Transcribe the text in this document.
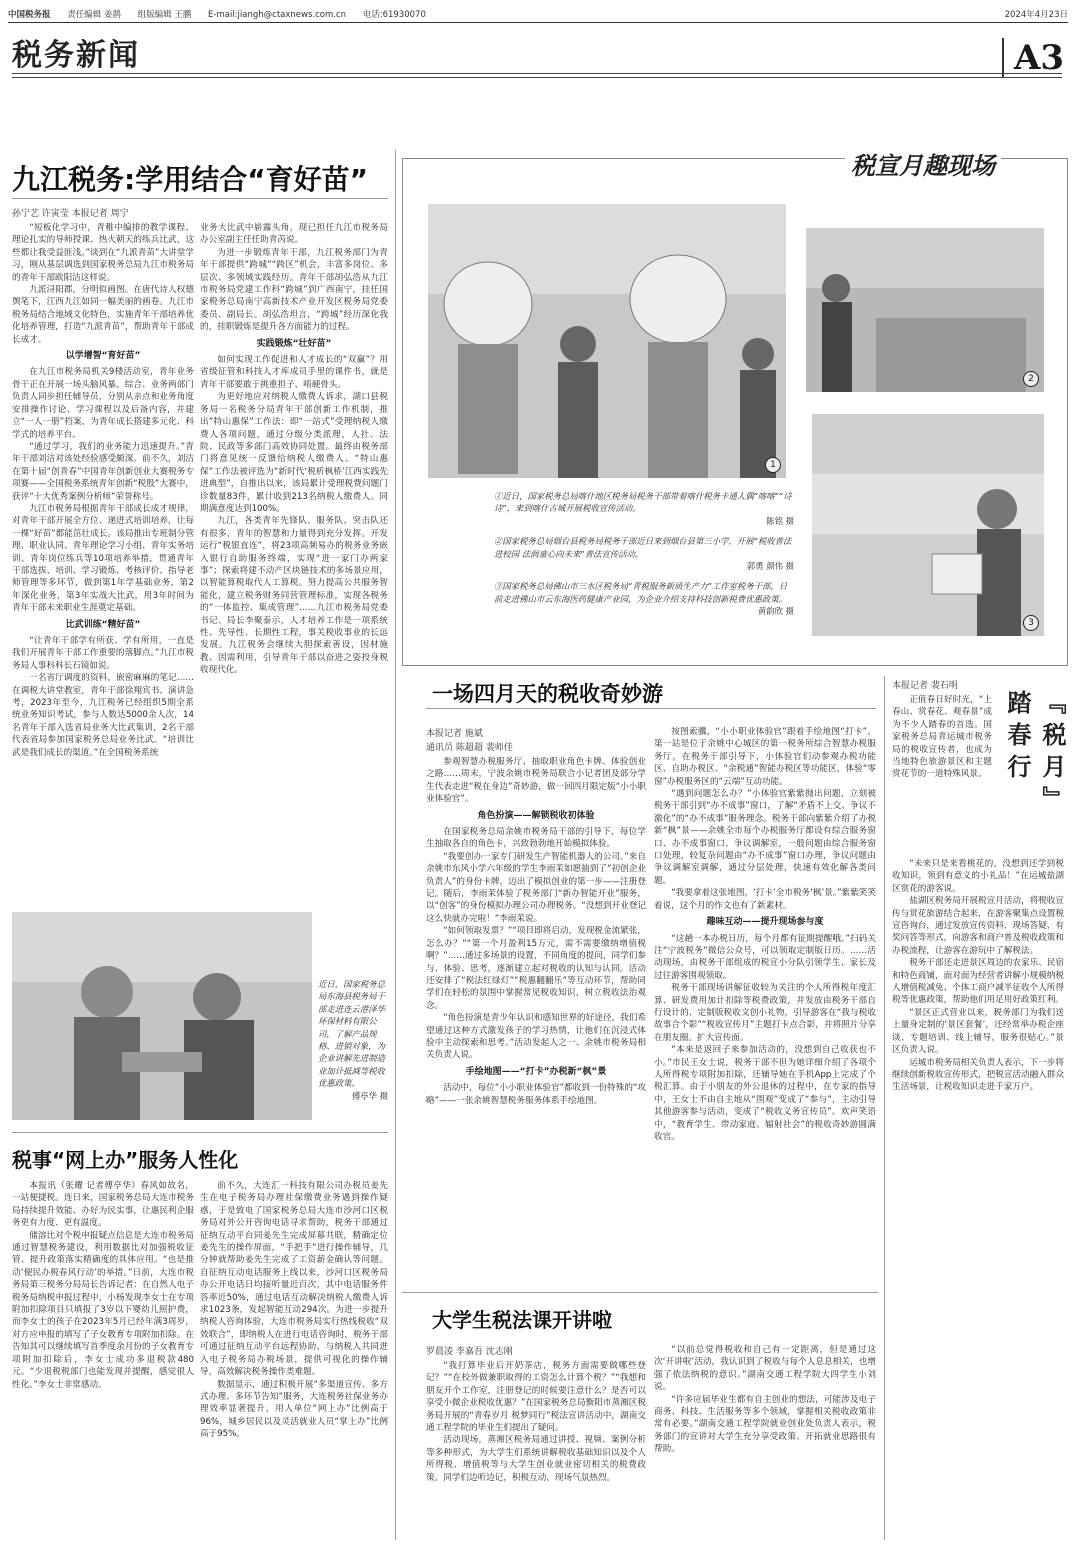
中国税务报 责任编辑 姜鹊 组版编辑 王鹏 E-mail:jiangh@ctaxnews.com.cn 电话:61930070	2024年4月23日
税务新闻	A3
九江税务:学用结合“育好苗”
孙宁艺 许寅莹 本报记者 周宁

“短板化学习中，青稚中编排的教学课程、理论扎实的导师授课、热火朝天的练兵比武，这些都让我受益匪浅。”谈到在“九派青苗”大讲堂学习，刚从基层调选到国家税务总局九江市税务局的青年干部欧阳洁这样说。

九派浔阳郡，分明似画图。在唐代诗人权德舆笔下，江西九江如同一幅美丽的画卷。九江市税务局结合地域文化特色，实施青年干部培养优化培养管理，打造“九派青苗”，帮助青年干部成长成才。

以学增智“育好苗”

在九江市税务局机关9楼活动室，青年业务骨干正在开展一场头脑风暴。综合、业务两部门负责人同步担任辅导员，分别从亲点和业务角度安排操作讨论、学习课程以及后备内容，并建立“一人一册”档案，为青年成长搭建多元化、科学式的培养平台。

“通过学习，我们的业务能力迅速提升。”青年干部刘洁对该处经验感受颇深。前不久，刘洁在第十届“创青春”中国青年创新创业大赛税务专项赛——全国税务系统青年创新“税股”大赛中，获评“十大优秀案例分析师”荣誉称号。

九江市税务局根据青年干部成长成才规律，对青年干部开展全方位、递进式培训培养，让每一棵“好苗”都能茁壮成长。该局推出专班制分管理、职业认同、青年理论学习小组、青年实务培训、青年岗位练兵等10项培养举措，贯通青年干部选拔、培训、学习锻炼、考核评价、指导老师管理等多环节，做到第1年学基础业务，第2年深化业务，第3年实战大比武，用3年时间为青年干部未来职业生涯奠定基础。

比武训练“精好苗”

“让青年干部学有所获、学有所用，一直是我们开展青年干部工作重要的落脚点。”九江市税务局人事科科长石镜如说。

一名省厅调度的资料，嵌密麻麻的笔记……在调税大讲堂教室，青年干部徐翔宾书、演讲急考，2023年至今，九江税务已经组织5期全系统业务知识考试，参与人数达5000余人次，14名青年干部入选省局业务大比武集训，2名干部代表省局参加国家税务总局业务比武。“培训比武是我们成长的渠道。”在全国税务系统

业务大比武中崭露头角，现已担任九江市税务局办公室副主任任助青芮说。

为进一步锻炼青年干部，九江税务部门为青年干部提供“跨城”“跨区”机会，丰富多岗位、多层次、多领域实践经历。青年干部胡弘浩从九江市税务局党建工作科“跨城”到广西南宁，挂任国家税务总局南宁高新技术产业开发区税务局党委委员、副局长。胡弘浩坦言，“跨城”经历深化我的，挂职锻炼是提升各方面能力的过程。

实践锻炼“壮好苗”

如何实现工作促进和人才成长的“双赢”？用省级征管和科技人才库成员手里的课件书，就是青年干部要敢于挑重担子、啃硬骨头。

为更好地应对纳税人缴费人诉求，湖口县税务局一名税务分局青年干部创新工作机制，推出“特山惠保”工作法：即“一站式”受理纳税人缴费人各项问题，通过分级分类派理，人社、法院、民政等多部门高效协同处置。最终由税务部门将意见统一反馈给纳税人缴费人。“特山惠保”工作法被评选为“新时代‘税析枫桥’江西实践先进典型”，自推出以来，该局累计受理税费问题门诊数量83件，累计收到213名纳税人缴费人。同期满意度达到100%。

九江，各类青年先锋队、服务队、突击队还有很多，青年的智慧和力量得到充分发挥。开发运行“税银直连”，将23项高频易办的税务业务嵌入银行自助服务终端，实现“进一家门办两家事”；探索将建不动产区块链技术的多场景应用，以智能算税取代人工算税。努力提高公共服务智能化，建立税务财务同营管理标准，实现各税务的“一体监控、集成管理”……九江市税务局党委书记、局长李聚泰示，人才培养工作是一项系统性、先导性、长期性工程，事关税收事业的长远发展。九江税务会继续大胆探索善设，因材施教、因需利用，引导青年干部以奋进之姿投身税收现代化。

近日，国家税务总局东海县税务局干部走进连云港泽华环保材料有限公司，了解产品规格、进销对象，为企业讲解先进制造业加计抵减等税收优惠政策。
傅亭华 摄
税事“网上办”服务人性化

本报讯（张耀 记者傅亭华）春风如故名，一站便捷税。连日来，国家税务总局大连市税务局持续提升效能、办好为民实事，让惠民利企服务更有力度、更有温度。

储溶比对个税申报疑点信息是大连市税务局通过智慧税务建设，利用数据比对加强税收征管、提升政策落实精确度的具体应用。“也是推动‘便民办税春风行动’的举措。”日前，大连市税务局第三税务分局局长告诉记者：在自然人电子税务局纳税申报过程中，小杨发现李女士在专项附加扣除项目只填报了3岁以下婴幼儿照护费，而李女士的孩子在2023年5月已经年满3周岁，对方应申报的填写了子女教育专项附加扣除。在告知其可以继续填写首季度余月份的子女教育专项附加扣除后，李女士成功多退税款480元。“少退税税部门也能发现并提醒，感觉很人性化。”李女士非常感动。

前不久，大连汇一科技有限公司办税员姜先生在电子税务局办理社保缴费业务遇到操作疑惑，于是致电了国家税务总局大连市沙河口区税务局对外公开咨询电话寻求帮助，税务干部通过征纳互动平台同姜先生完成屏幕共联，精确定位姜先生的操作屏面，“手把手”进行操作辅导，几分钟就帮助姜先生完成了工资薪金确认等问题。自征纳互动电话服务上线以来，沙河口区税务局办公开电话日均接听量近百次，其中电话服务件答率近50%，通过电话互动解决纳税人缴费人诉求1023条，发起智能互动294次。为进一步提升纳税人咨询体验，大连市税务局实行热线税收“双效联合”，即纳税人在进行电话咨询时，税务干部可通过征纳互动平台远程协助，与纳税人共同进入电子税务局办税场景，提供可视化的操作辅导，高效解决税务操作类难题。

数据显示，通过积极开展“多渠道宣传、多方式办理、多环节告知”服务，大连税务社保业务办理效率显著提升，用人单位“网上办”比例高于96%，城乡居民以及灵活就业人员“掌上办”比例高于95%。

税宣月趣现场
1
2
3
①近日，国家税务总局喀什地区税务局税务干部带着喀什税务卡通人偶“喀喀”“诗诗”，来到喀什古城开展税收宣传活动。
陈铭 摄
②国家税务总局烟台县税务局税务干部近日来到烟台县第三小学，开展“税收普法进校园 法润童心向未来”普法宣传活动。
郭勇 颜伟 摄
③国家税务总局佛山市三水区税务局“青税服务新质生产力”工作室税务干部，日前走进佛山市云东海医药健康产业园，为企业介绍支持科技创新税费优惠政策。
黄韵欣 摄
一场四月天的税收奇妙游
本报记者 施斌
通讯员 陈超超 裴师佳

参观智慧办税服务厅、抽取职业角色卡牌、体验创业之路……周末，宁波余姚市税务局联合小记者团及部分学生代表走进“税在身边”奇妙游，做一回四月限定版“小小职业体验官”。

角色扮演——解锁税收初体验

在国家税务总局余姚市税务局干部的引导下，每位学生抽取各自的角色卡，兴致勃勃地开始模拟体验。

“我要创办一家专门研发生产智能机器人的公司。”来自余姚市东风小学六年级的学生李雨茉如愿抽到了“初创企业负责人”的身份卡牌，迈出了模拟创业的第一步——注册登记。随后，李雨茉体验了税务部门“新办智能开业”服务，以“创客”的身份模拟办理公司办理税务。“没想到开业登记这么快就办完啦！”李雨茉说。

“如何领取发票？”“项目即将启动，发现税金流紧张，怎么办？”“第一个月盈利15万元，需不需要缴纳增值税啊？”……通过多场景的设置，不同角度的提问，同学们参与、体验、思考，逐渐建立起对税收的认知与认同。活动还安排了“税法红绿灯”“税惠翻翻乐”等互动环节，帮助同学们在轻松的氛围中掌握常见税收知识，树立税收法治观念。

“角色扮演是青少年认识和感知世界的好途径，我们希望通过这种方式激发孩子的学习热情，让他们在沉浸式体验中主动探索和思考。”活动发起人之一、余姚市税务局相关负责人说。

手绘地图——“打卡”办税新“枫”景

活动中，每位“小小职业体验官”都收到一份特殊的“攻略”——一张余姚智慧税务服务体系手绘地图。

按图索骥，“小小职业体验官”跟着手绘地图“打卡”。第一站是位于余姚中心城区的第一税务所综合智慧办税服务厅，在税务干部引导下，小体验官们动参观办税功能区、自助办税区、“余税通”智能办税区等功能区，体验“零窗”办税服务区的“云端”互动功能。

“遇到问题怎么办？”小体验官紫紫抛出问题，立刻被税务干部引到“办不成事”窗口，了解“矛盾不上交、争议不激化”的“办不成事”服务理念。税务干部向紫紫介绍了办税新“枫”景——余姚全市每个办税服务厅都设有综合服务窗口、办不成事窗口、争议调解室，一般问题由综合服务窗口处理，较复杂问题由“办不成事”窗口办理，争议问题由争议调解室调解，通过分层处理，快速有效化解各类问题。

“我要拿着这张地图，‘打卡’全市税务‘枫’景。”紫紫笑笑着说，这个月的作文也有了新素材。

趣味互动——提升现场参与度

“这趟一本办税日历，每个月都有征期提醒哦。”扫码关注“宁波税务”微信公众号，可以领取定制版日历。……活动现场，由税务干部组成的税宣小分队引领学生、家长及过往游客围观领取。

税务干部现场讲解征收较为关注的个人所得税年度汇算、研发费用加计扣除等税费政策，并发放由税务干部自行设计的、定制版税收文创小礼物，引导游客在“我与税收故事合个影”“税收宣传月”主题打卡点合影，并将照片分享在朋友圈。扩大宣传面。

“本来是返回子来参加活动的，没想到自己收获也不小。”市民王女士说，税务干部不但为她详细介绍了各项个人所得税专项附加扣除，还辅导她在手机App上完成了个税汇算。由于小朋友的外公退休的过程中，在专家的指导中，王女士不由自主地从“围观”变成了“参与”，主动引导其他游客参与活动，变成了“税收义务宣传员”。欢声笑语中，“教育学生、带动家庭、辐射社会”的税收奇妙游圆满收官。

本报记者 裴石明
『税月』踏春行

正值春日好时光，“上春山、赏春花、观春景”成为不少人踏春的首选。国家税务总局青运城市税务局的税收宣传者，也成为当地特色旅游景区和主题赏花节的一道特殊风景。

“未来只是来看桃花的，没想到还学到税收知识，领到有意义的小礼品！”在运城盐湖区赏花的游客说。

盐湖区税务局开展税宣月活动，将税收宣传与赏花旅游结合起来，在游客聚集点设置税宣咨询台，通过发放宣传资料、现场答疑、有奖问答等形式，向游客和商户普及税收政策和办税流程，让游客在游玩中了解税法。

税务干部还走进景区周边的农家乐、民宿和特色商铺，面对面为经营者讲解小规模纳税人增值税减免、个体工商户减半征收个人所得税等优惠政策，帮助他们用足用好政策红利。

“景区正式营业以来，税务部门为我们送上量身定制的‘景区套餐’，还经常举办税企座谈、专题培训、线上辅导，服务很贴心。”景区负责人说。

运城市税务局相关负责人表示，下一步将继续创新税收宣传形式，把税宣活动融入群众生活场景，让税收知识走进千家万户。

大学生税法课开讲啦
罗晨凌 李嘉吾 沈志刚

“我打算毕业后开奶茶店，税务方面需要做哪些登记？”“在校外做兼职取得的工资怎么计算个税？”“我想和朋友开个工作室，注册登记的时候要注意什么？是否可以享受小微企业税收优惠？”在国家税务总局衡阳市蒸湘区税务局开展的“青春岁月 税梦同行”税法宣讲活动中，湖南交通工程学院的毕业生们提出了疑问。

活动现场，蒸湘区税务局通过讲授、视频、案例分析等多种形式，为大学生们系统讲解税收基础知识以及个人所得税、增值税等与大学生创业就业密切相关的税费政策。同学们边听边记，积极互动，现场气氛热烈。

“以前总觉得税收和自己有一定距离，但是通过这次‘开讲啦’活动，我认识到了税收与每个人息息相关，也增强了依法纳税的意识。”湖南交通工程学院大四学生小刘说。

“许多应届毕业生都有自主创业的想法，可能涉及电子商务、科技、生活服务等多个领域，掌握相关税收政策非常有必要。”湖南交通工程学院就业创业处负责人表示，税务部门的宣讲对大学生充分享受政策、开拓就业思路很有帮助。
